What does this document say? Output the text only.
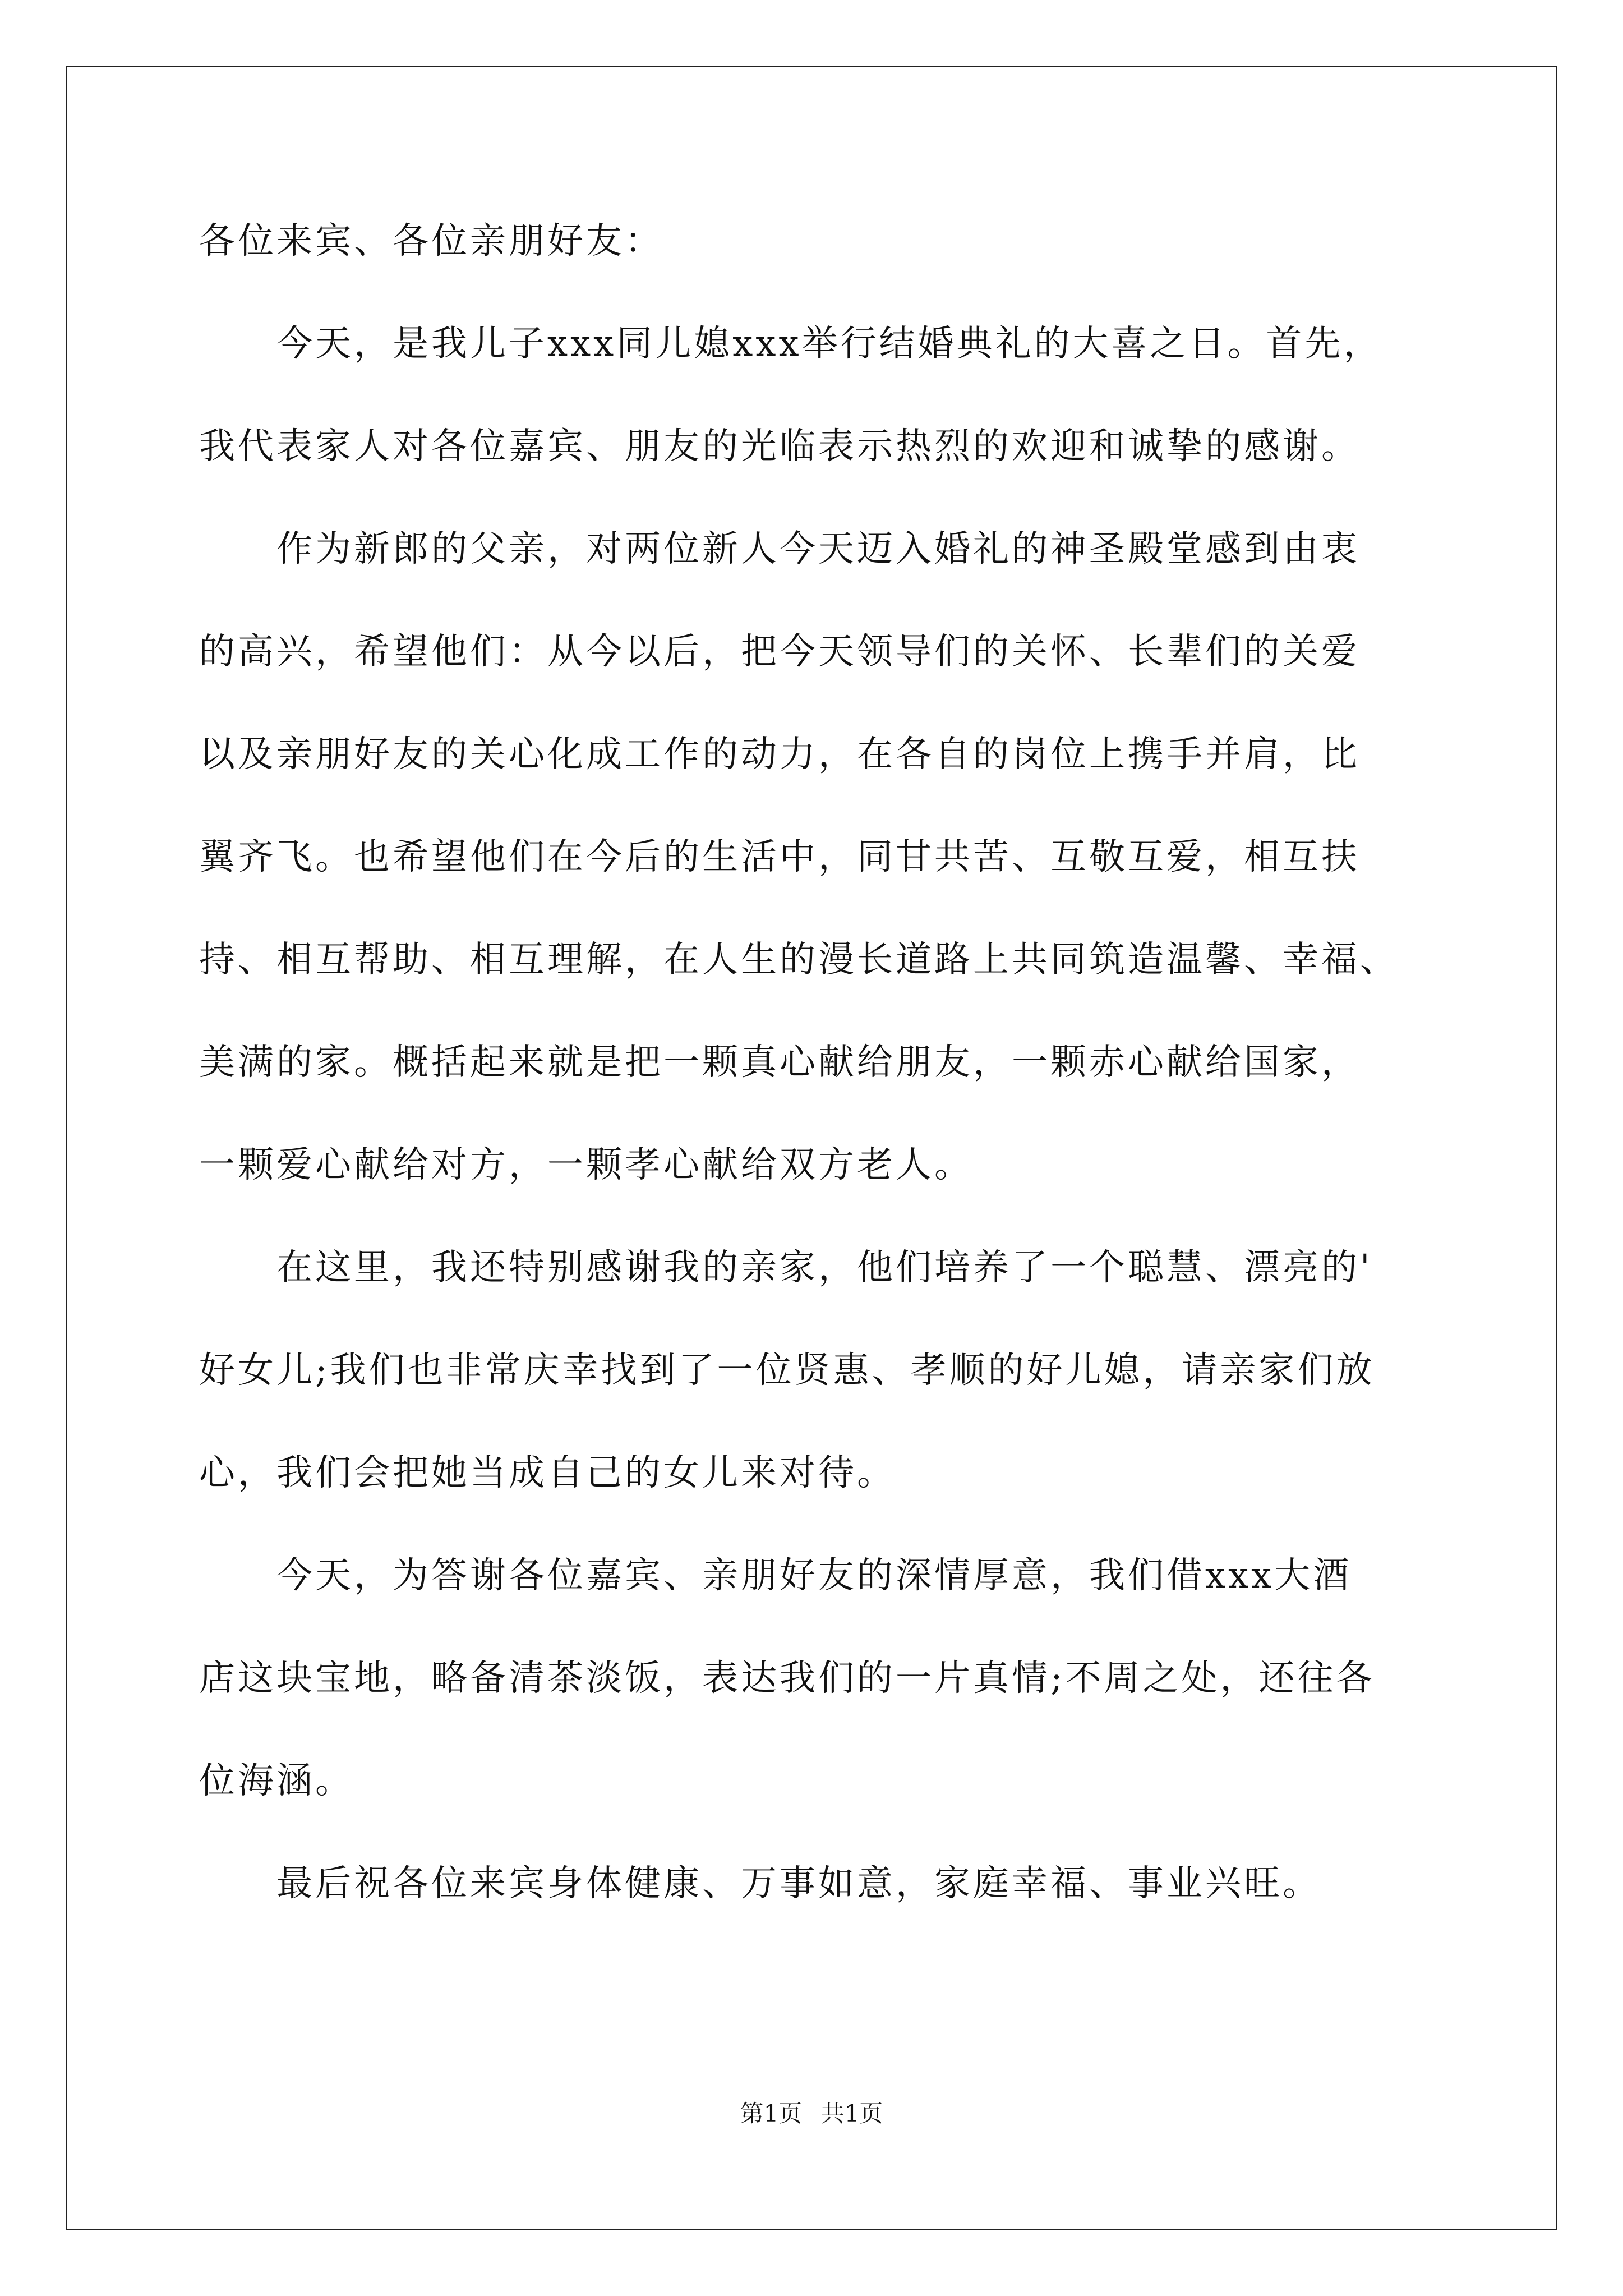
各位来宾、各位亲朋好友：
　　今天，是我儿子xxx同儿媳xxx举行结婚典礼的大喜之日。首先，
我代表家人对各位嘉宾、朋友的光临表示热烈的欢迎和诚挚的感谢。
　　作为新郎的父亲，对两位新人今天迈入婚礼的神圣殿堂感到由衷
的高兴，希望他们：从今以后，把今天领导们的关怀、长辈们的关爱
以及亲朋好友的关心化成工作的动力，在各自的岗位上携手并肩，比
翼齐飞。也希望他们在今后的生活中，同甘共苦、互敬互爱，相互扶
持、相互帮助、相互理解，在人生的漫长道路上共同筑造温馨、幸福、
美满的家。概括起来就是把一颗真心献给朋友，一颗赤心献给国家，
一颗爱心献给对方，一颗孝心献给双方老人。
　　在这里，我还特别感谢我的亲家，他们培养了一个聪慧、漂亮的'
好女儿;我们也非常庆幸找到了一位贤惠、孝顺的好儿媳，请亲家们放
心，我们会把她当成自己的女儿来对待。
　　今天，为答谢各位嘉宾、亲朋好友的深情厚意，我们借xxx大酒
店这块宝地，略备清茶淡饭，表达我们的一片真情;不周之处，还往各
位海涵。
　　最后祝各位来宾身体健康、万事如意，家庭幸福、事业兴旺。
第1页 共1页
